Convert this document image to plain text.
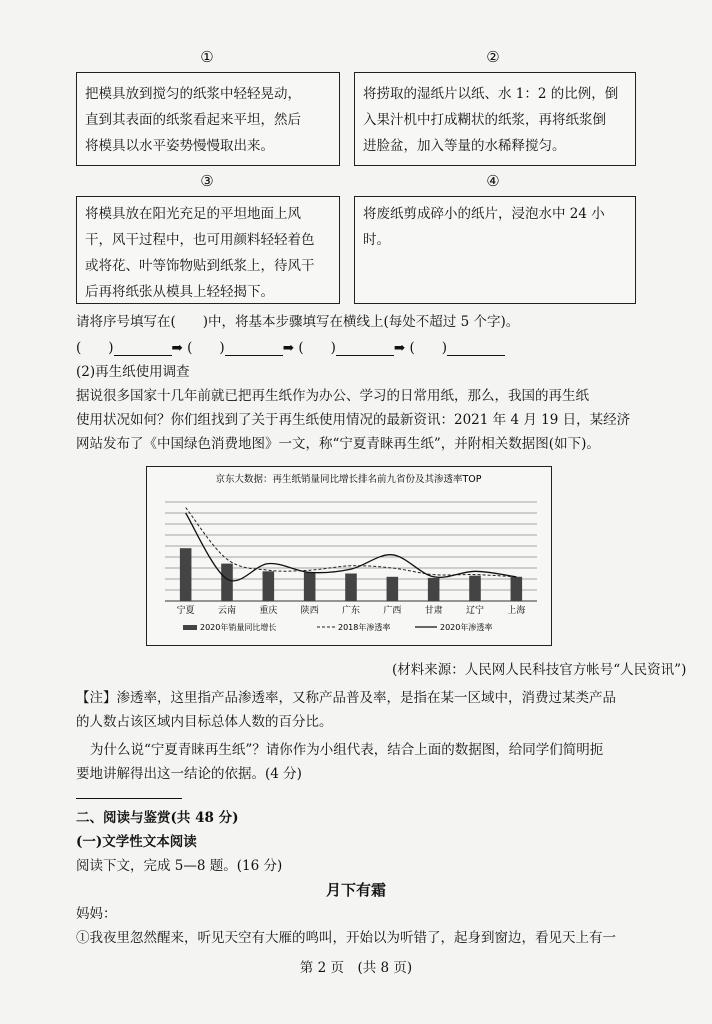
①	②
③	④
把模具放到搅匀的纸浆中轻轻晃动，
直到其表面的纸浆看起来平坦，然后
将模具以水平姿势慢慢取出来。
将捞取的湿纸片以纸、水 1：2 的比例，倒
入果汁机中打成糊状的纸浆，再将纸浆倒
进脸盆，加入等量的水稀释搅匀。
将模具放在阳光充足的平坦地面上风
干，风干过程中，也可用颜料轻轻着色
或将花、叶等饰物贴到纸浆上，待风干
后再将纸张从模具上轻轻揭下。
将废纸剪成碎小的纸片，浸泡水中 24 小
时。
请将序号填写在(　　)中，将基本步骤填写在横线上(每处不超过 5 个字)。
(　　)	➡ (　　)	➡ (　　)	➡ (　　)
(2)再生纸使用调查
据说很多国家十几年前就已把再生纸作为办公、学习的日常用纸，那么，我国的再生纸
使用状况如何？你们组找到了关于再生纸使用情况的最新资讯：2021 年 4 月 19 日，某经济
网站发布了《中国绿色消费地图》一文，称“宁夏青睐再生纸”，并附相关数据图(如下)。
京东大数据：再生纸销量同比增长排名前九省份及其渗透率TOP
宁夏	云南	重庆	陕西	广东	广西	甘肃	辽宁	上海
2020年销量同比增长	2018年渗透率	2020年渗透率
(材料来源：人民网人民科技官方帐号“人民资讯”)
【注】渗透率，这里指产品渗透率，又称产品普及率，是指在某一区域中，消费过某类产品
的人数占该区域内目标总体人数的百分比。
为什么说“宁夏青睐再生纸”？请你作为小组代表，结合上面的数据图，给同学们简明扼
要地讲解得出这一结论的依据。(4 分)
二、阅读与鉴赏(共 48 分)
(一)文学性文本阅读
阅读下文，完成 5—8 题。(16 分)
月下有霜
妈妈：
①我夜里忽然醒来，听见天空有大雁的鸣叫，开始以为听错了，起身到窗边，看见天上有一
第 2 页　(共 8 页)
